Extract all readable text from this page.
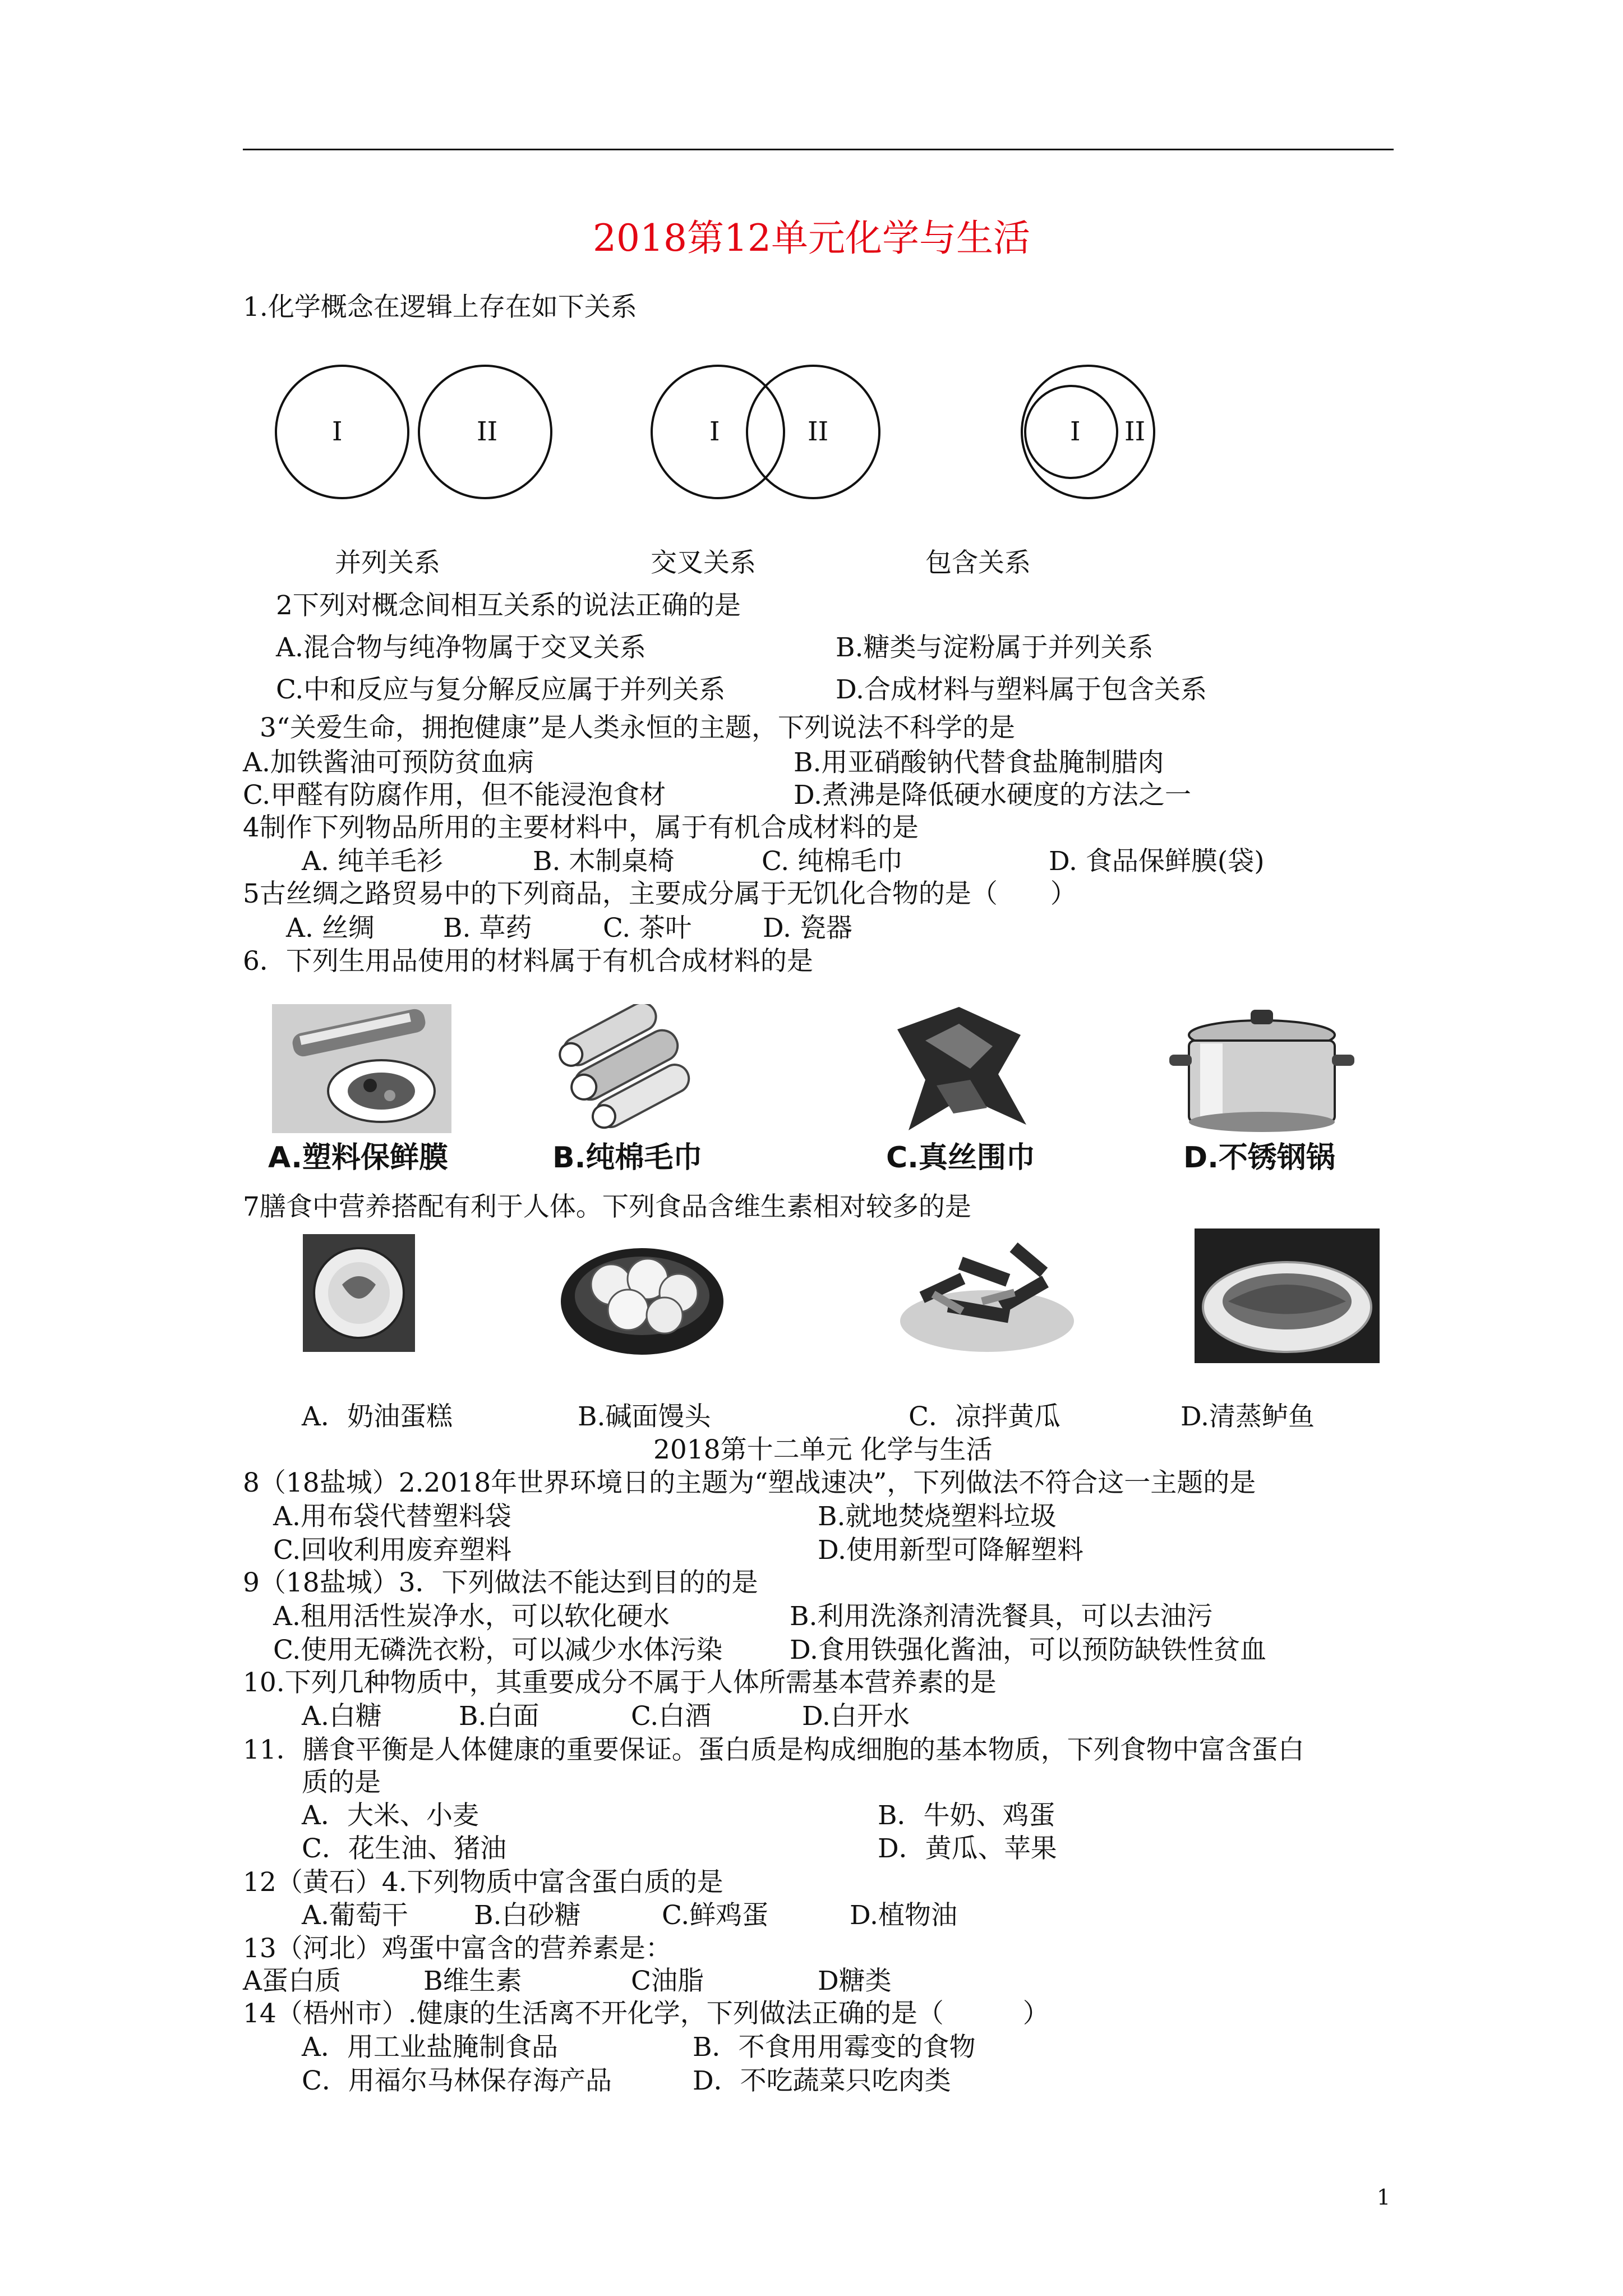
2018第12单元化学与生活
1.化学概念在逻辑上存在如下关系
I	II	I	II	I II
并列关系	交叉关系	包含关系
2下列对概念间相互关系的说法正确的是
A.混合物与纯净物属于交叉关系	B.糖类与淀粉属于并列关系
C.中和反应与复分解反应属于并列关系	D.合成材料与塑料属于包含关系
3“关爱生命，拥抱健康”是人类永恒的主题，下列说法不科学的是
A.加铁酱油可预防贫血病	B.用亚硝酸钠代替食盐腌制腊肉
C.甲醛有防腐作用，但不能浸泡食材	D.煮沸是降低硬水硬度的方法之一
4制作下列物品所用的主要材料中，属于有机合成材料的是
A. 纯羊毛衫	B. 木制桌椅	C. 纯棉毛巾	D. 食品保鲜膜(袋)
5古丝绸之路贸易中的下列商品，主要成分属于无饥化合物的是（　　）
A. 丝绸	B. 草药	C. 茶叶	D. 瓷器
6．下列生用品使用的材料属于有机合成材料的是
A.塑料保鲜膜	B.纯棉毛巾	C.真丝围巾	D.不锈钢锅
7膳食中营养搭配有利于人体。下列食品含维生素相对较多的是
A．奶油蛋糕	B.碱面馒头	C．凉拌黄瓜	D.清蒸鲈鱼
2018第十二单元 化学与生活
8（18盐城）2.2018年世界环境日的主题为“塑战速决”，下列做法不符合这一主题的是
A.用布袋代替塑料袋	B.就地焚烧塑料垃圾
C.回收利用废弃塑料	D.使用新型可降解塑料
9（18盐城）3．下列做法不能达到目的的是
A.租用活性炭净水，可以软化硬水	B.利用洗涤剂清洗餐具，可以去油污
C.使用无磷洗衣粉，可以减少水体污染	D.食用铁强化酱油，可以预防缺铁性贫血
10.下列几种物质中，其重要成分不属于人体所需基本营养素的是
A.白糖	B.白面	C.白酒	D.白开水
11．膳食平衡是人体健康的重要保证。蛋白质是构成细胞的基本物质，下列食物中富含蛋白
质的是
A．大米、小麦	B．牛奶、鸡蛋
C．花生油、猪油	D．黄瓜、苹果
12（黄石）4.下列物质中富含蛋白质的是
A.葡萄干 B.白砂糖	C.鲜鸡蛋	D.植物油
13（河北）鸡蛋中富含的营养素是：
A蛋白质	B维生素	C油脂	D糖类
14（梧州市）.健康的生活离不开化学，下列做法正确的是（　　　）
A．用工业盐腌制食品	B．不食用用霉变的食物
C．用福尔马林保存海产品	D．不吃蔬菜只吃肉类
1
